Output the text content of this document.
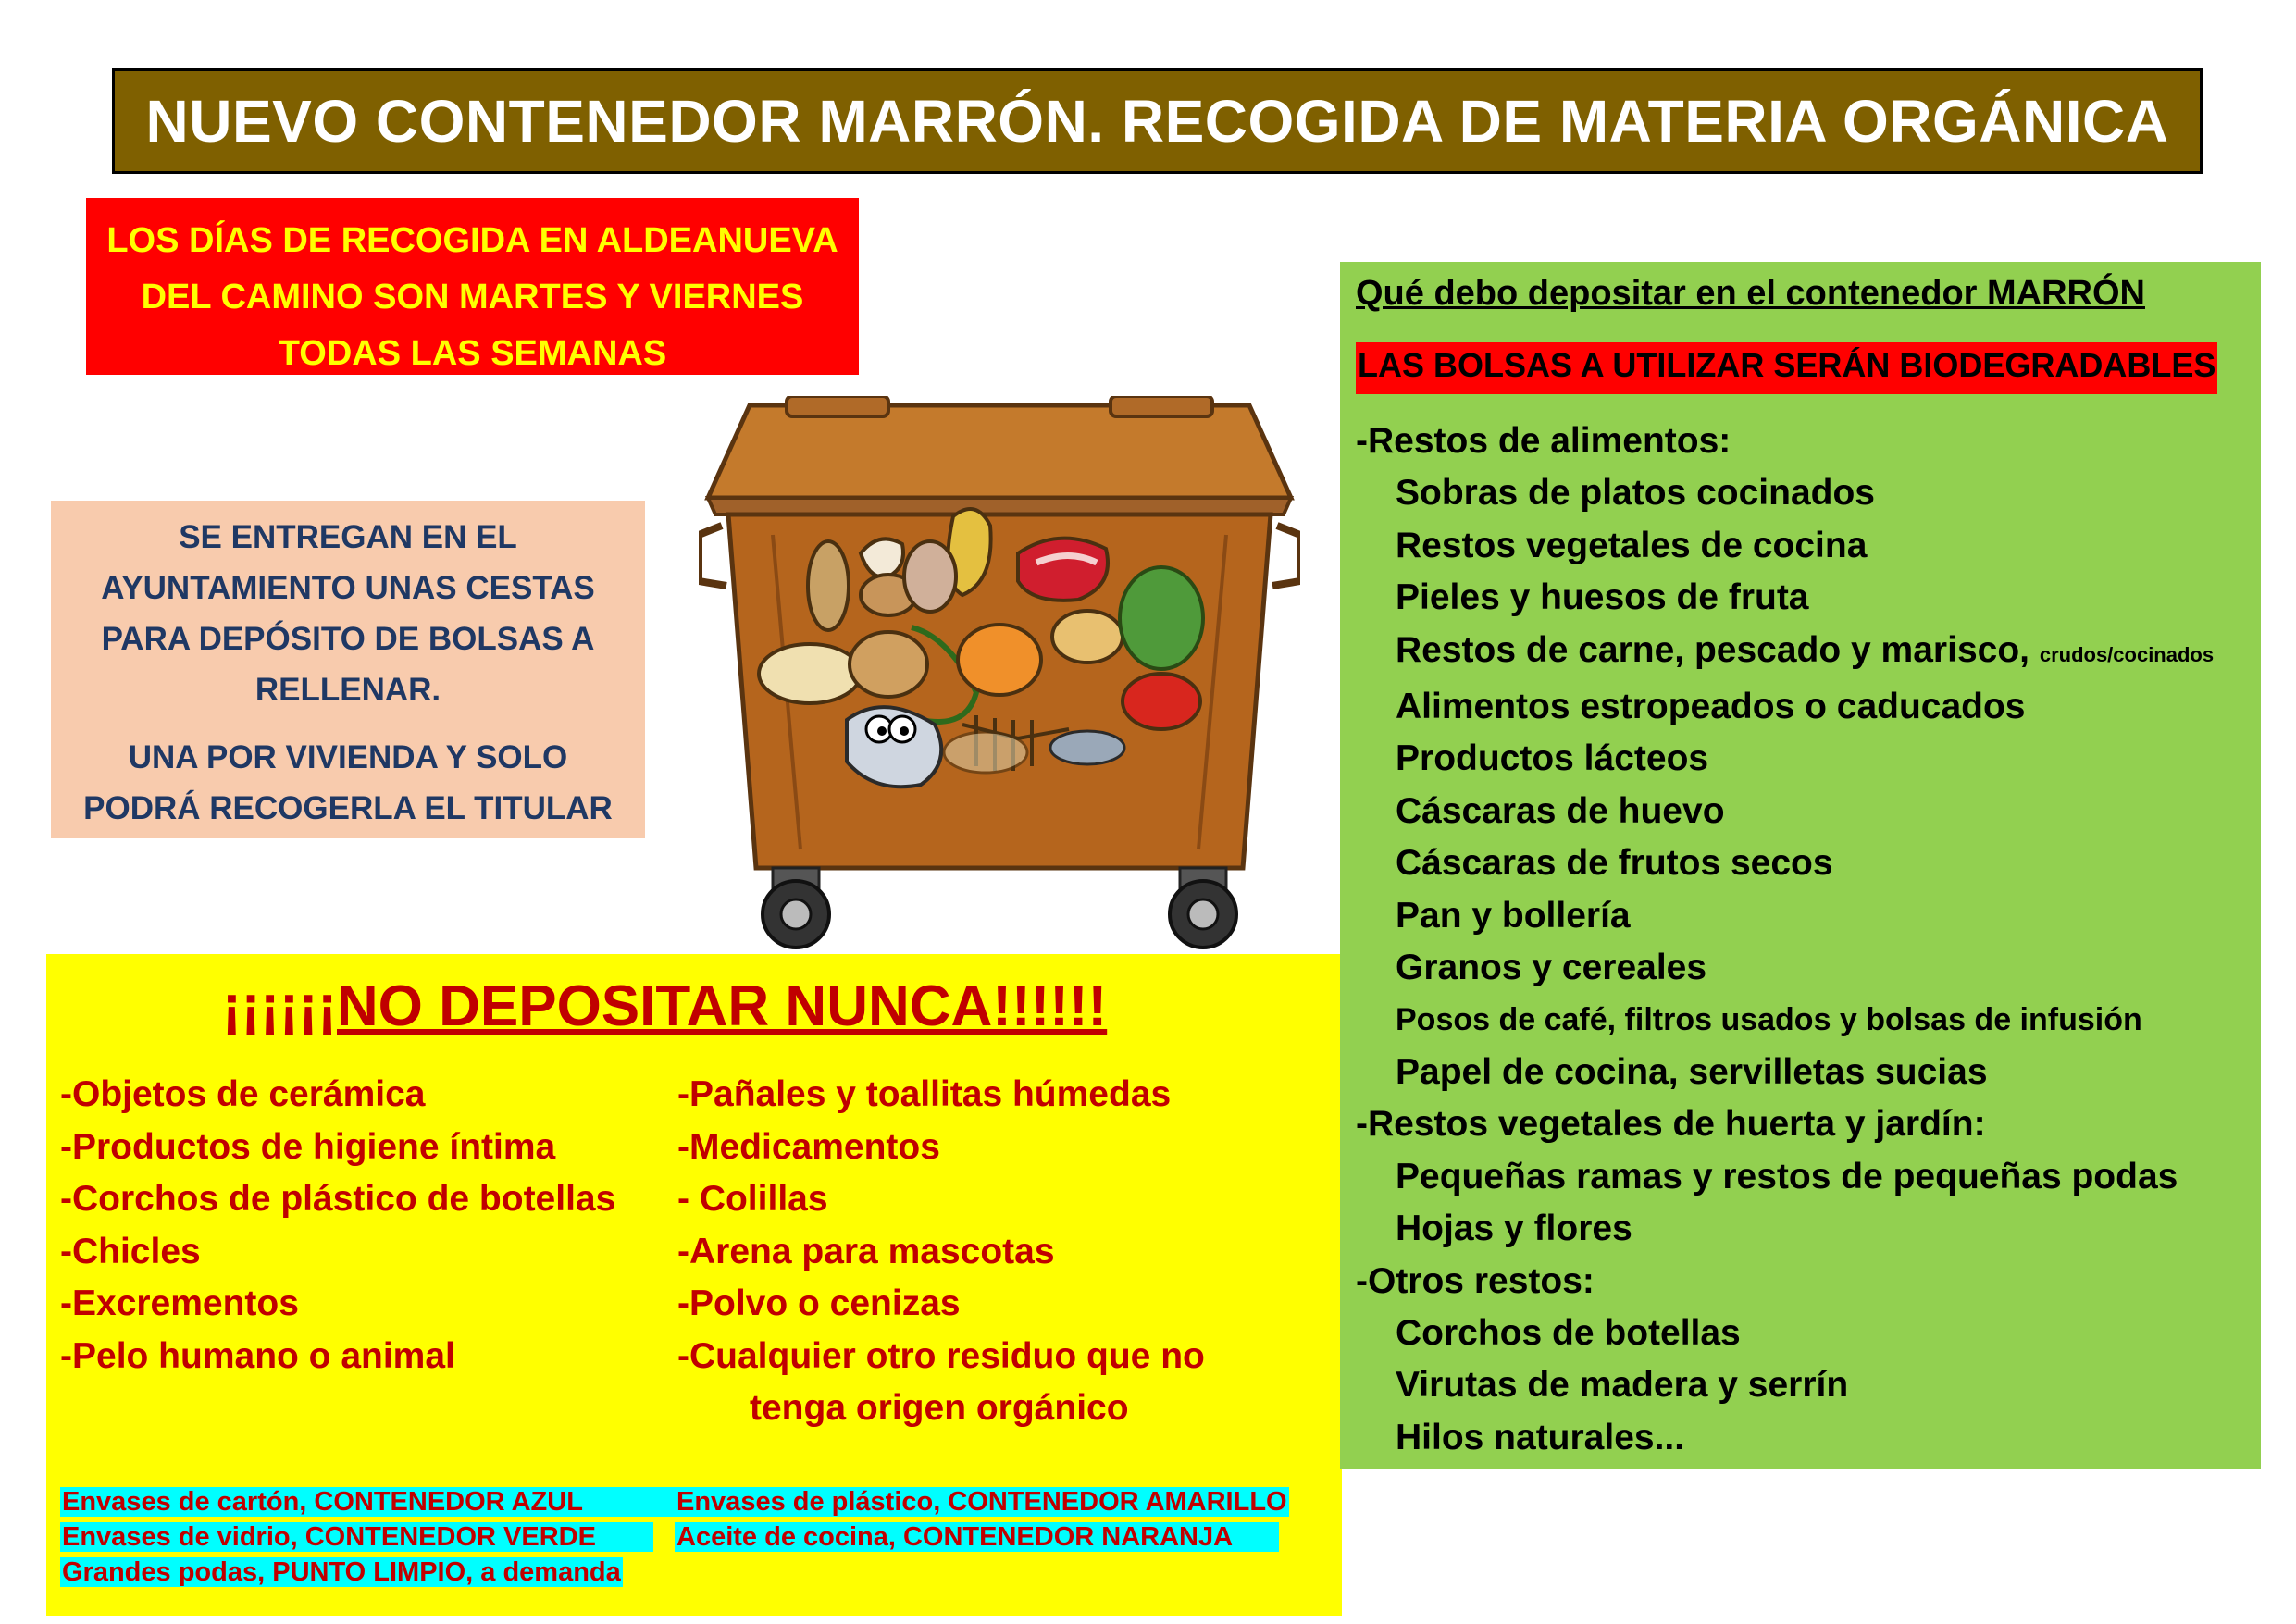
NUEVO CONTENEDOR MARRÓN. RECOGIDA DE MATERIA ORGÁNICA
LOS DÍAS DE RECOGIDA EN ALDEANUEVA
DEL CAMINO SON MARTES Y VIERNES
TODAS LAS SEMANAS

SE ENTREGAN EN EL
AYUNTAMIENTO UNAS CESTAS
PARA DEPÓSITO DE BOLSAS A
RELLENAR.

UNA POR VIVIENDA Y SOLO
PODRÁ RECOGERLA EL TITULAR

¡¡¡¡¡¡NO DEPOSITAR NUNCA!!!!!!
-Objetos de cerámica
-Productos de higiene íntima
-Corchos de plástico de botellas
-Chicles
-Excrementos
-Pelo humano o animal
-Pañales y toallitas húmedas
-Medicamentos
- Colillas
-Arena para mascotas
-Polvo o cenizas
-Cualquier otro residuo que no
tenga origen orgánico
Envases de cartón, CONTENEDOR AZUL
Envases de vidrio, CONTENEDOR VERDE
Grandes podas, PUNTO LIMPIO, a demanda
Envases de plástico, CONTENEDOR AMARILLO
Aceite de cocina, CONTENEDOR NARANJA
Qué debo depositar en el contenedor MARRÓN
LAS BOLSAS A UTILIZAR SERÁN BIODEGRADABLES
-Restos de alimentos:
Sobras de platos cocinados
Restos vegetales de cocina
Pieles y huesos de fruta
Restos de carne, pescado y marisco, crudos/cocinados
Alimentos estropeados o caducados
Productos lácteos
Cáscaras de huevo
Cáscaras de frutos secos
Pan y bollería
Granos y cereales
Posos de café, filtros usados y bolsas de infusión
Papel de cocina, servilletas sucias
-Restos vegetales de huerta y jardín:
Pequeñas ramas y restos de pequeñas podas
Hojas y flores
-Otros restos:
Corchos de botellas
Virutas de madera y serrín
Hilos naturales...
